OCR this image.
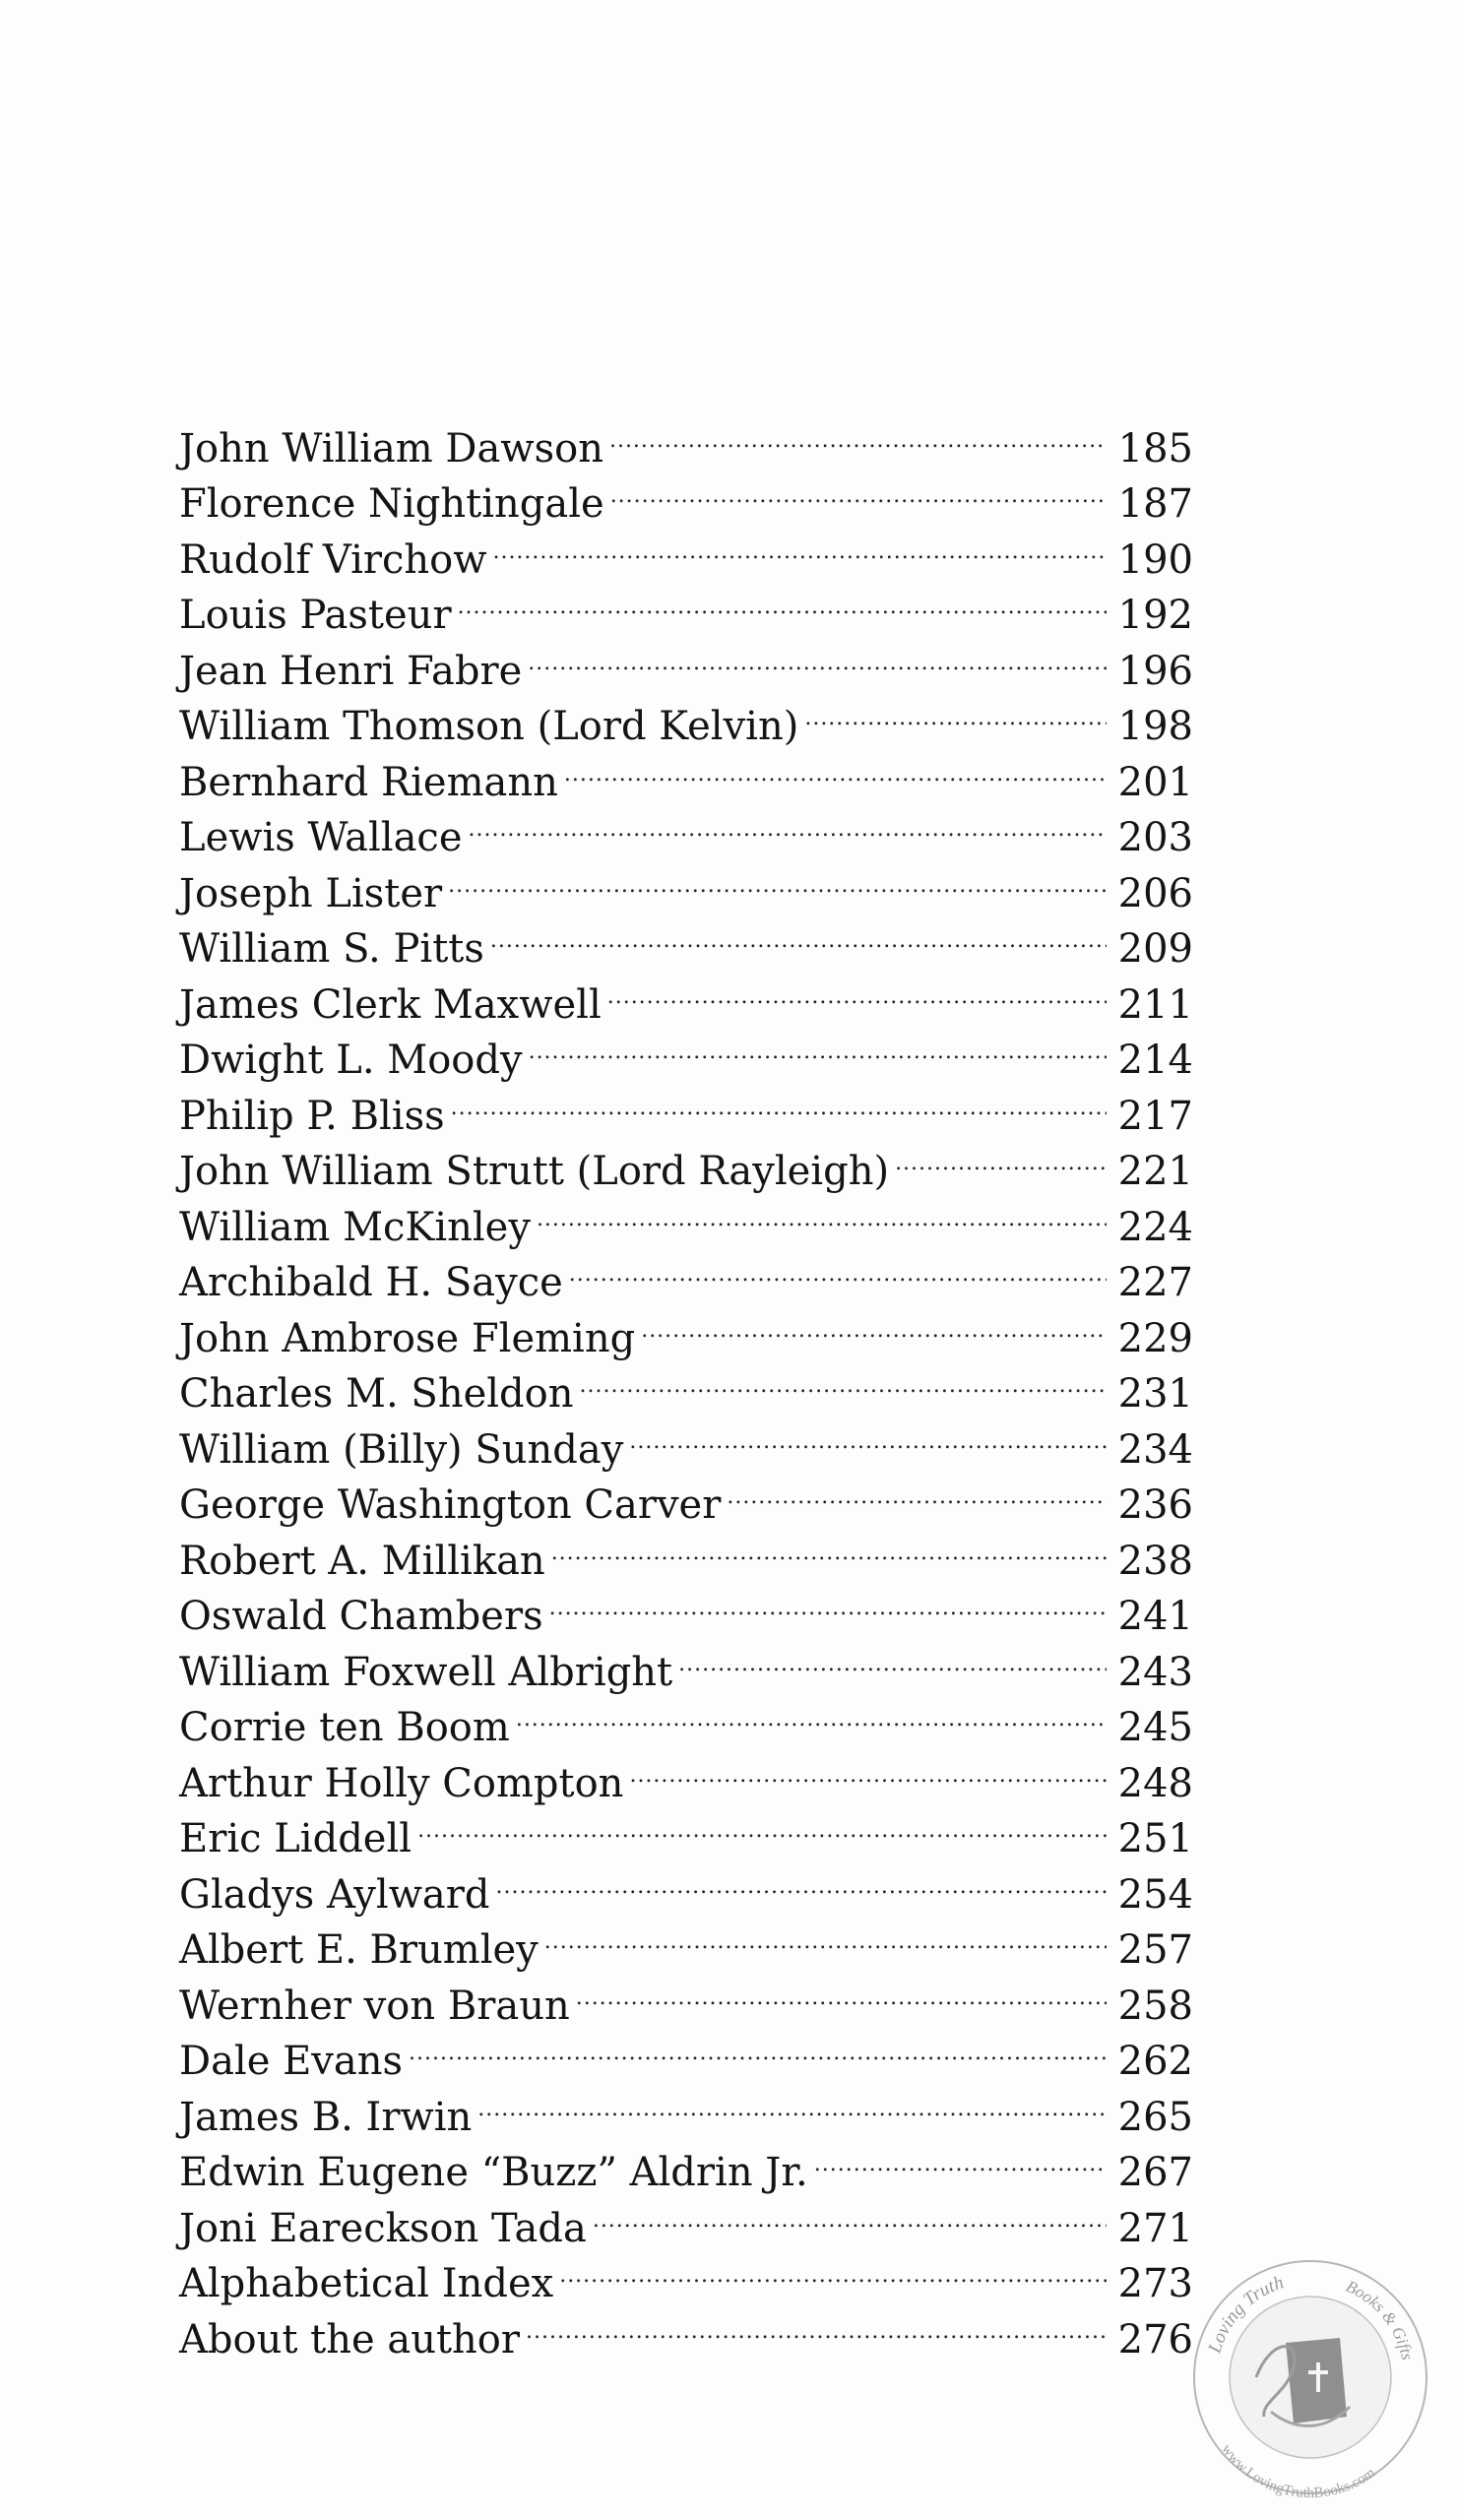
John William Dawson . . .	185
Florence Nightingale . . .	187
Rudolf Virchow . . .	190
Louis Pasteur . . .	192
Jean Henri Fabre . . .	196
William Thomson (Lord Kelvin) . . .	198
Bernhard Riemann . . .	201
Lewis Wallace . . .	203
Joseph Lister . . .	206
William S. Pitts . . .	209
James Clerk Maxwell . . .	211
Dwight L. Moody . . .	214
Philip P. Bliss . . .	217
John William Strutt (Lord Rayleigh) . . .	221
William McKinley . . .	224
Archibald H. Sayce . . .	227
John Ambrose Fleming . . .	229
Charles M. Sheldon . . .	231
William (Billy) Sunday . . .	234
George Washington Carver . . .	236
Robert A. Millikan . . .	238
Oswald Chambers . . .	241
William Foxwell Albright . . .	243
Corrie ten Boom . . .	245
Arthur Holly Compton . . .	248
Eric Liddell . . .	251
Gladys Aylward . . .	254
Albert E. Brumley . . .	257
Wernher von Braun . . .	258
Dale Evans . . .	262
James B. Irwin . . .	265
Edwin Eugene “Buzz” Aldrin Jr. . . .	267
Joni Eareckson Tada . . .	271
Alphabetical Index . . .	273
About the author . . .	276 Loving Truth	Books & Gifts
www.LovingTruthBooks.com
